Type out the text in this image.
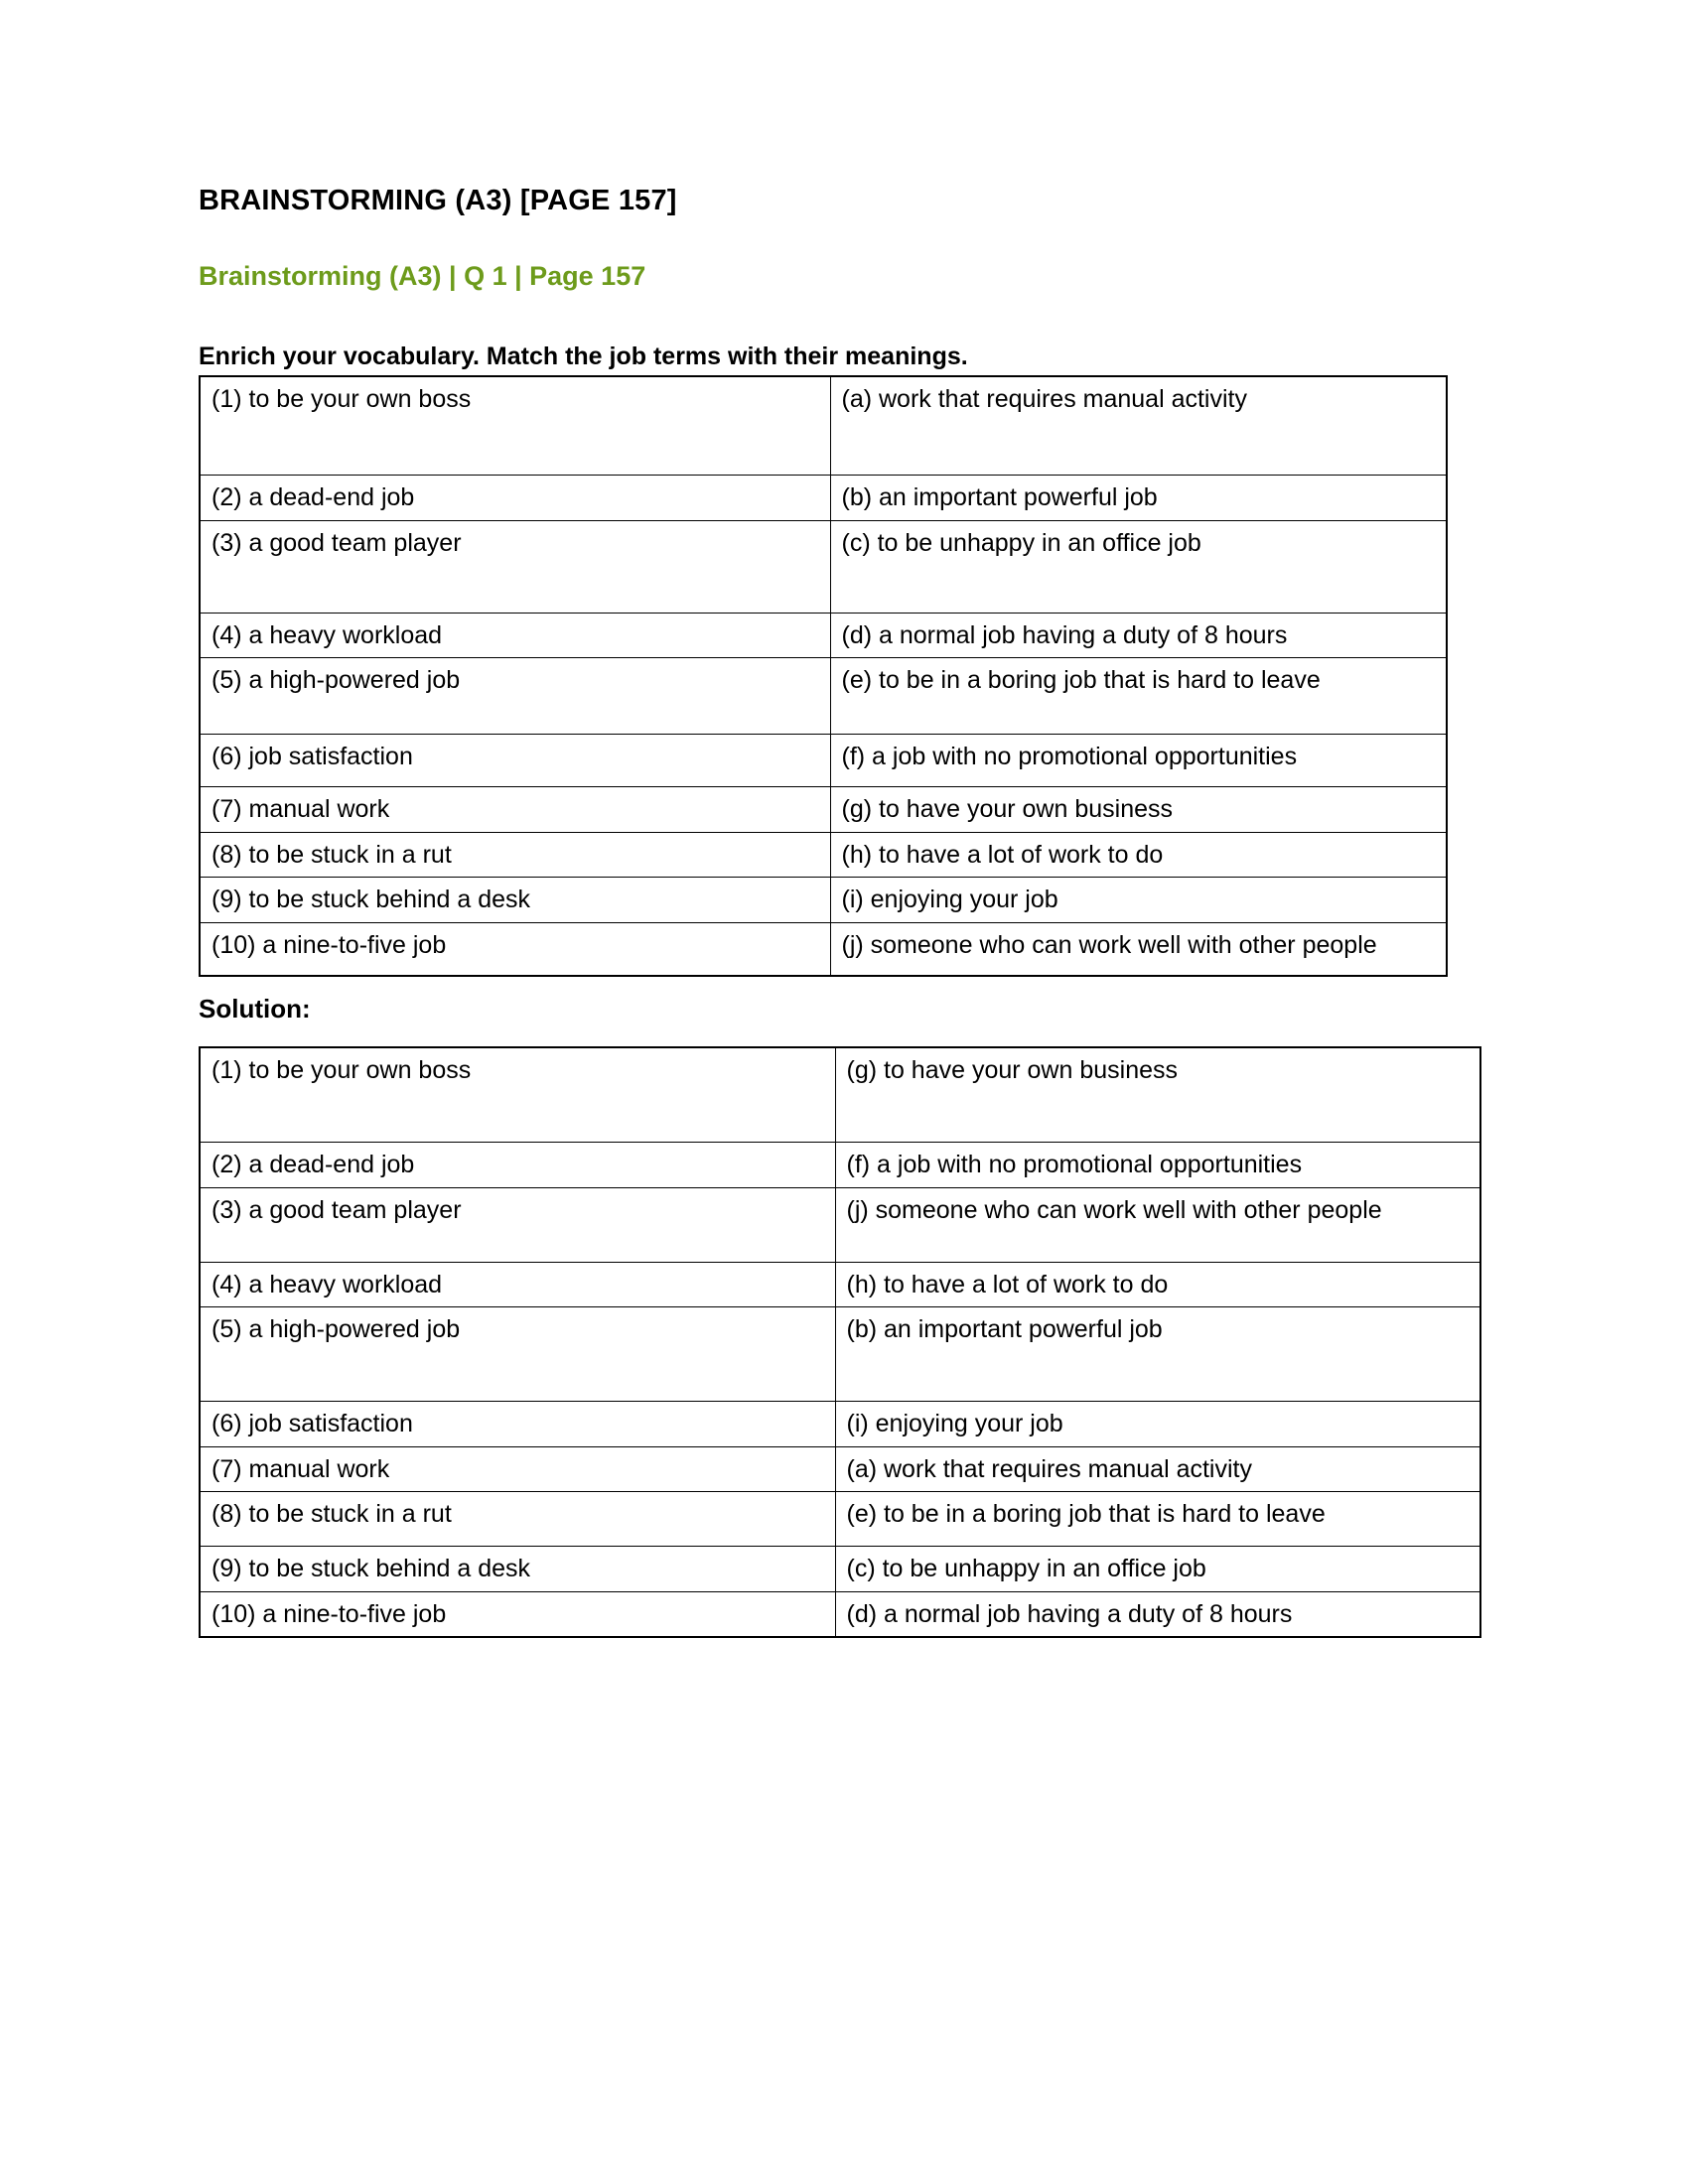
BRAINSTORMING (A3) [PAGE 157]
Brainstorming (A3) | Q 1 | Page 157
Enrich your vocabulary. Match the job terms with their meanings.
(1) to be your own boss	(a) work that requires manual activity
(2) a dead-end job	(b) an important powerful job
(3) a good team player	(c) to be unhappy in an office job
(4) a heavy workload	(d) a normal job having a duty of 8 hours
(5) a high-powered job	(e) to be in a boring job that is hard to leave
(6) job satisfaction	(f) a job with no promotional opportunities
(7) manual work	(g) to have your own business
(8) to be stuck in a rut	(h) to have a lot of work to do
(9) to be stuck behind a desk	(i) enjoying your job
(10) a nine-to-five job	(j) someone who can work well with other people
Solution:
(1) to be your own boss	(g) to have your own business
(2) a dead-end job	(f) a job with no promotional opportunities
(3) a good team player	(j) someone who can work well with other people
(4) a heavy workload	(h) to have a lot of work to do
(5) a high-powered job	(b) an important powerful job
(6) job satisfaction	(i) enjoying your job
(7) manual work	(a) work that requires manual activity
(8) to be stuck in a rut	(e) to be in a boring job that is hard to leave
(9) to be stuck behind a desk	(c) to be unhappy in an office job
(10) a nine-to-five job	(d) a normal job having a duty of 8 hours
